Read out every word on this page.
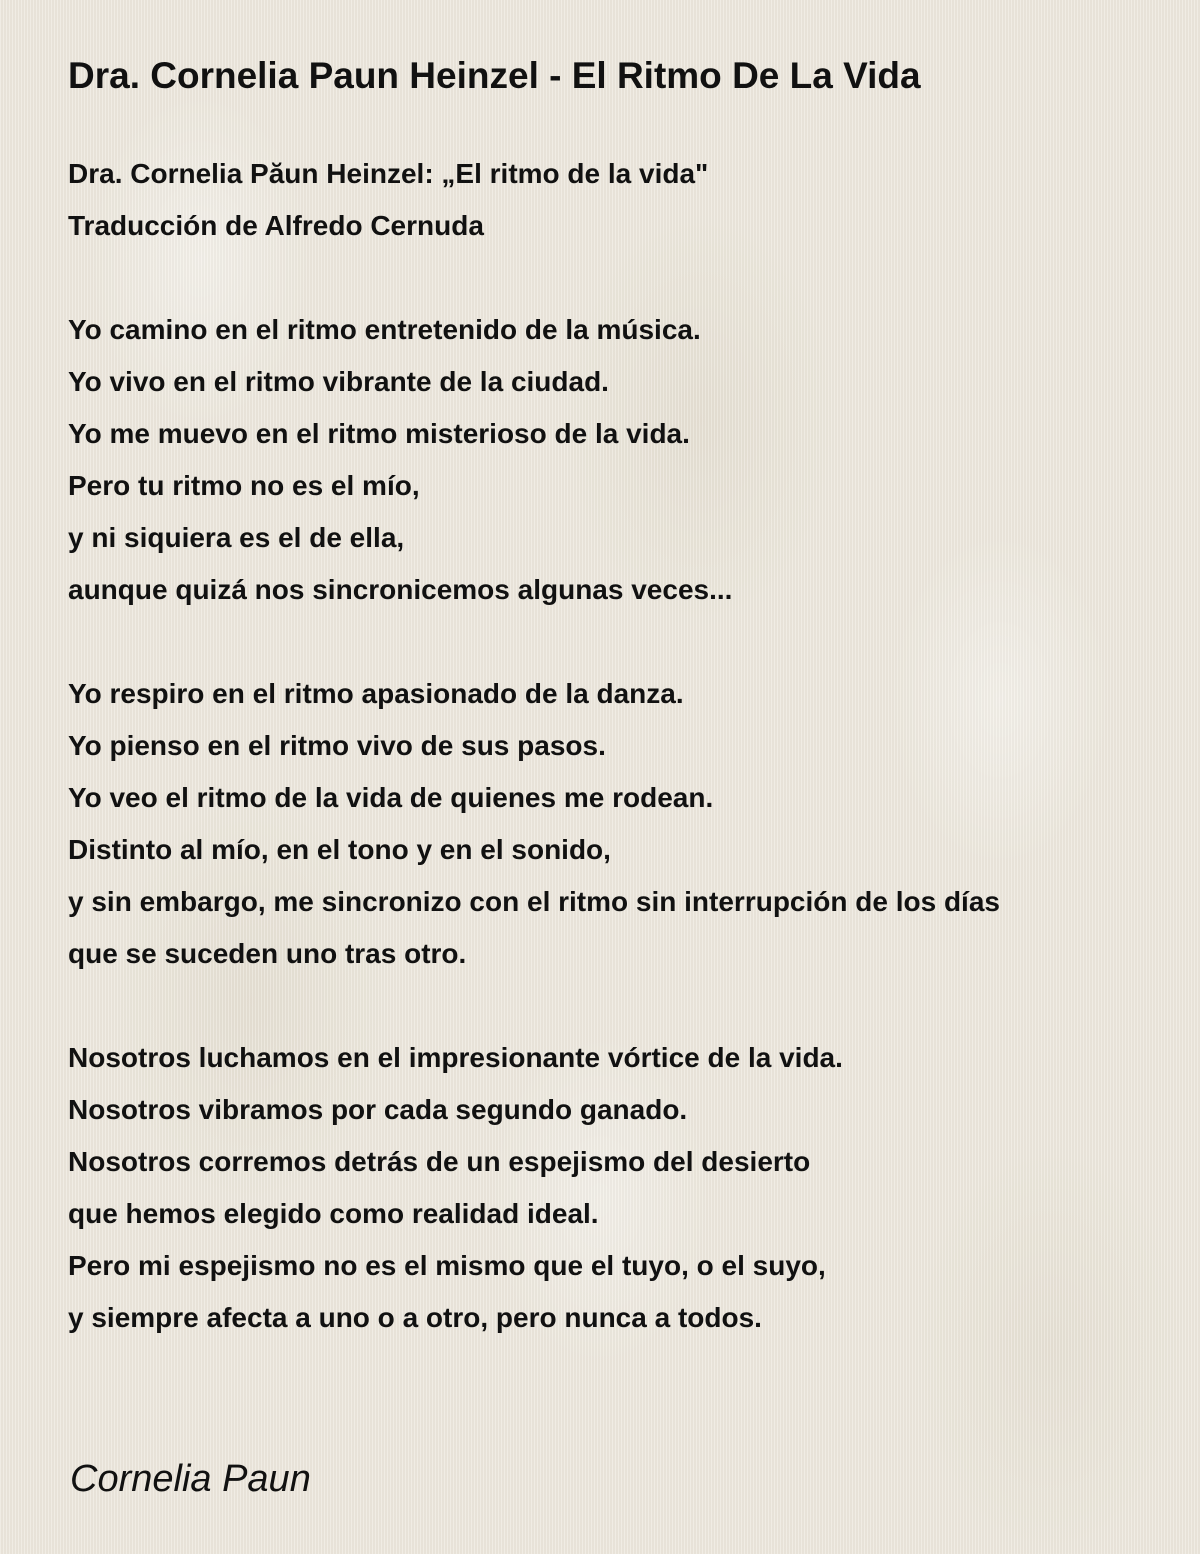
Dra. Cornelia Paun Heinzel - El Ritmo De La Vida
Dra. Cornelia Păun Heinzel: „El ritmo de la vida"
Traducción de Alfredo Cernuda
Yo camino en el ritmo entretenido de la música.
Yo vivo en el ritmo vibrante de la ciudad.
Yo me muevo en el ritmo misterioso de la vida.
Pero tu ritmo no es el mío,
y ni siquiera es el de ella,
aunque quizá nos sincronicemos algunas veces...
Yo respiro en el ritmo apasionado de la danza.
Yo pienso en el ritmo vivo de sus pasos.
Yo veo el ritmo de la vida de quienes me rodean.
Distinto al mío, en el tono y en el sonido,
y sin embargo, me sincronizo con el ritmo sin interrupción de los días
que se suceden uno tras otro.
Nosotros luchamos en el impresionante vórtice de la vida.
Nosotros vibramos por cada segundo ganado.
Nosotros corremos detrás de un espejismo del desierto
que hemos elegido como realidad ideal.
Pero mi espejismo no es el mismo que el tuyo, o el suyo,
y siempre afecta a uno o a otro, pero nunca a todos.
Cornelia Paun
